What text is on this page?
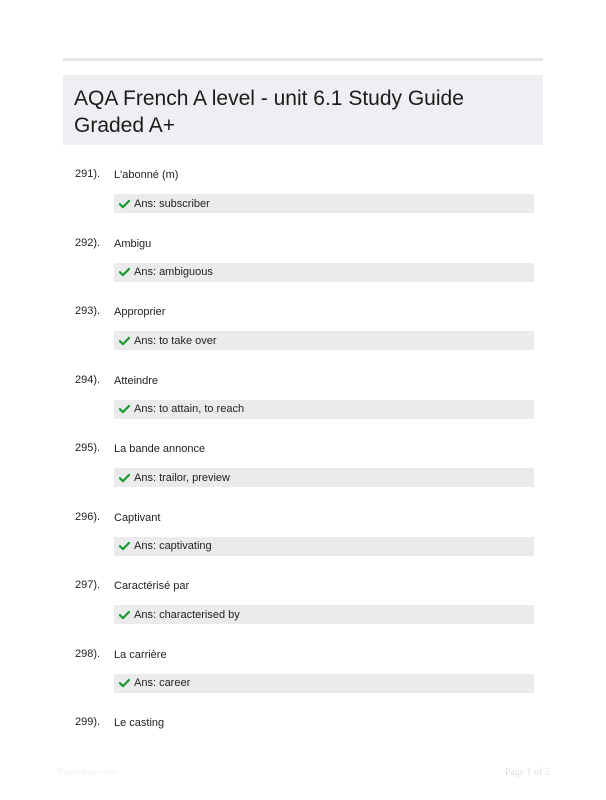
AQA French A level - unit 6.1 Study Guide Graded A+
291). L'abonné (m)
Ans: subscriber
292). Ambigu
Ans: ambiguous
293). Approprier
Ans: to take over
294). Atteindre
Ans: to attain, to reach
295). La bande annonce
Ans: trailor, preview
296). Captivant
Ans: captivating
297). Caractérisé par
Ans: characterised by
298). La carrière
Ans: career
299). Le casting
Papertrue.com	Page 1 of 5
